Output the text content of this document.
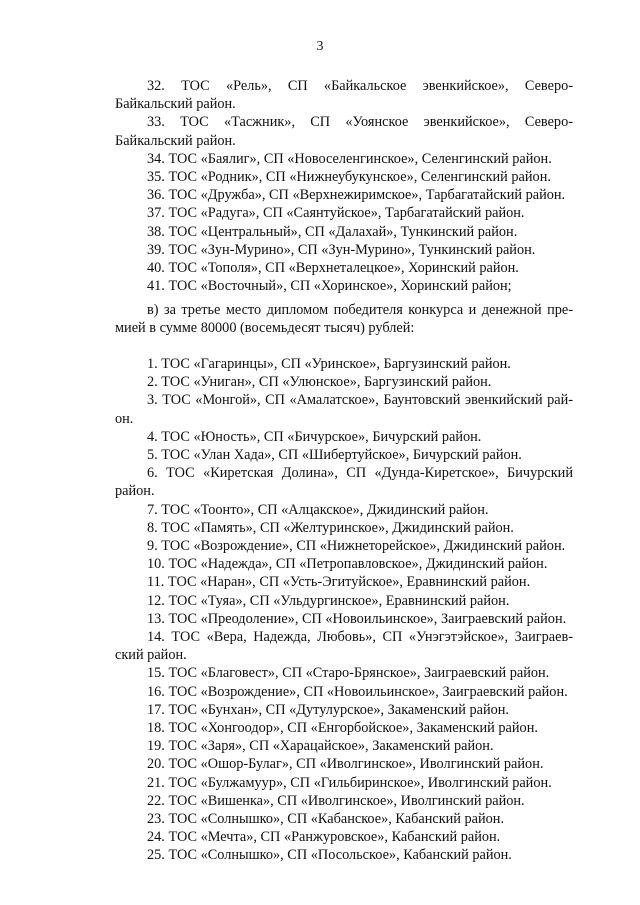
3

32. ТОС «Рель», СП «Байкальское эвенкийское», Северо-Байкальский район.

33. ТОС «Тасжник», СП «Уоянское эвенкийское», Северо-Байкальский район.

34. ТОС «Баялиг», СП «Новоселенгинское», Селенгинский район.

35. ТОС «Родник», СП «Нижнеубукунское», Селенгинский район.

36. ТОС «Дружба», СП «Верхнежиримское», Тарбагатайский район.

37. ТОС «Радуга», СП «Саянтуйское», Тарбагатайский район.

38. ТОС «Центральный», СП «Далахай», Тункинский район.

39. ТОС «Зун-Мурино», СП «Зун-Мурино», Тункинский район.

40. ТОС «Тополя», СП «Верхнеталецкое», Хоринский район.

41. ТОС «Восточный», СП «Хоринское», Хоринский район;

в) за третье место дипломом победителя конкурса и денежной пре-мией в сумме 80000 (восемьдесят тысяч) рублей:

1. ТОС «Гагаринцы», СП «Уринское», Баргузинский район.

2. ТОС «Униган», СП «Улюнское», Баргузинский район.

3. ТОС «Монгой», СП «Амалатское», Баунтовский эвенкийский рай-он.

4. ТОС «Юность», СП «Бичурское», Бичурский район.

5. ТОС «Улан Хада», СП «Шибертуйское», Бичурский район.

6. ТОС «Киретская Долина», СП «Дунда-Киретское», Бичурский район.

7. ТОС «Тоонто», СП «Алцакское», Джидинский район.

8. ТОС «Память», СП «Желтуринское», Джидинский район.

9. ТОС «Возрождение», СП «Нижнеторейское», Джидинский район.

10. ТОС «Надежда», СП «Петропавловское», Джидинский район.

11. ТОС «Наран», СП «Усть-Эгитуйское», Еравнинский район.

12. ТОС «Туяа», СП «Ульдургинское», Еравнинский район.

13. ТОС «Преодоление», СП «Новоильинское», Заиграевский район.

14. ТОС «Вера, Надежда, Любовь», СП «Унэгэтэйское», Заиграев-ский район.

15. ТОС «Благовест», СП «Старо-Брянское», Заиграевский район.

16. ТОС «Возрождение», СП «Новоильинское», Заиграевский район.

17. ТОС «Бунхан», СП «Дутулурское», Закаменский район.

18. ТОС «Хонгоодор», СП «Енгорбойское», Закаменский район.

19. ТОС «Заря», СП «Харацайское», Закаменский район.

20. ТОС «Ошор-Булаг», СП «Иволгинское», Иволгинский район.

21. ТОС «Булжамуур», СП «Гильбиринское», Иволгинский район.

22. ТОС «Вишенка», СП «Иволгинское», Иволгинский район.

23. ТОС «Солнышко», СП «Кабанское», Кабанский район.

24. ТОС «Мечта», СП «Ранжуровское», Кабанский район.

25. ТОС «Солнышко», СП «Посольское», Кабанский район.
